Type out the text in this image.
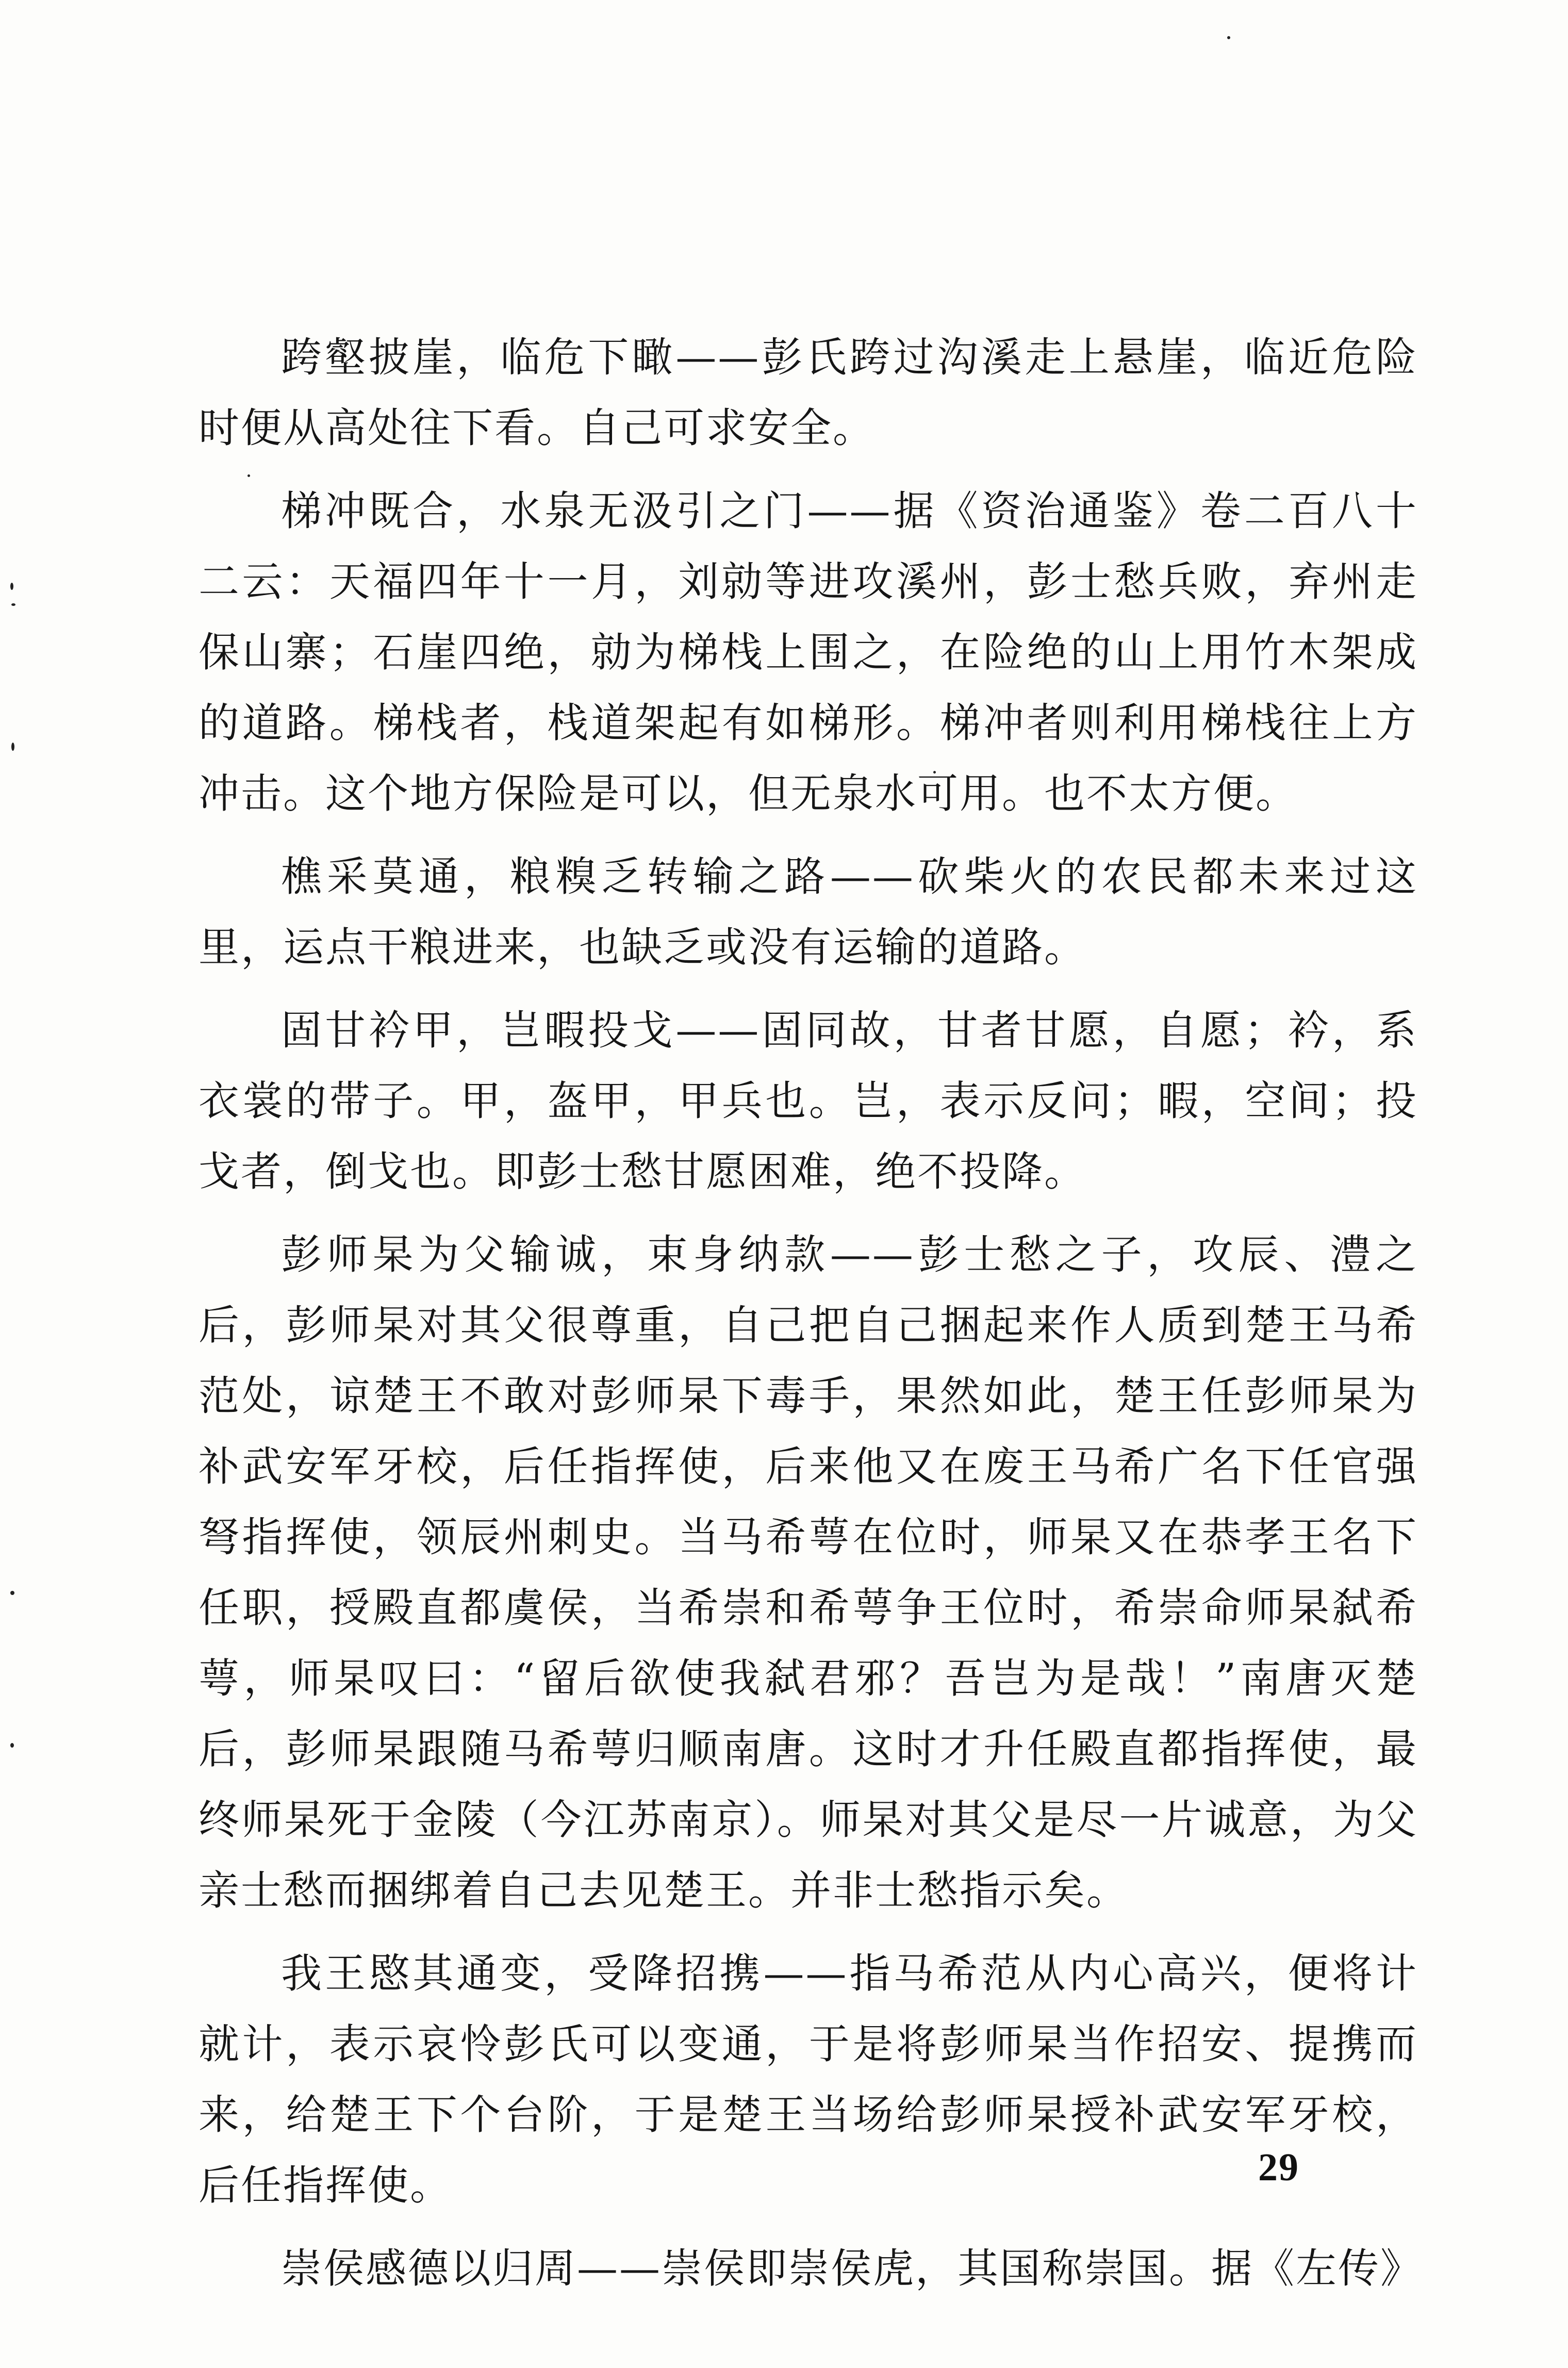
跨壑披崖，临危下瞰——彭氏跨过沟溪走上悬崖，临近危险时便从高处往下看。自己可求安全。

梯冲既合，水泉无汲引之门——据《资治通鉴》卷二百八十二云：天福四年十一月，刘勍等进攻溪州，彭士愁兵败，弃州走保山寨；石崖四绝，勍为梯栈上围之，在险绝的山上用竹木架成的道路。梯栈者，栈道架起有如梯形。梯冲者则利用梯栈往上方冲击。这个地方保险是可以，但无泉水可用。也不太方便。

樵采莫通，粮糗乏转输之路——砍柴火的农民都未来过这里，运点干粮进来，也缺乏或没有运输的道路。

固甘衿甲，岂暇投戈——固同故，甘者甘愿，自愿；衿，系衣裳的带子。甲，盔甲，甲兵也。岂，表示反问；暇，空间；投戈者，倒戈也。即彭士愁甘愿困难，绝不投降。

彭师杲为父输诚，束身纳款——彭士愁之子，攻辰、澧之后，彭师杲对其父很尊重，自己把自己捆起来作人质到楚王马希范处，谅楚王不敢对彭师杲下毒手，果然如此，楚王任彭师杲为补武安军牙校，后任指挥使，后来他又在废王马希广名下任官强弩指挥使，领辰州刺史。当马希萼在位时，师杲又在恭孝王名下任职，授殿直都虞侯，当希崇和希萼争王位时，希崇命师杲弑希萼，师杲叹曰：“留后欲使我弑君邪？吾岂为是哉！”南唐灭楚后，彭师杲跟随马希萼归顺南唐。这时才升任殿直都指挥使，最终师杲死于金陵（今江苏南京）。师杲对其父是尽一片诚意，为父亲士愁而捆绑着自己去见楚王。并非士愁指示矣。

我王愍其通变，受降招携——指马希范从内心高兴，便将计就计，表示哀怜彭氏可以变通，于是将彭师杲当作招安、提携而来，给楚王下个台阶，于是楚王当场给彭师杲授补武安军牙校，后任指挥使。

崇侯感德以归周——崇侯即崇侯虎，其国称崇国。据《左传》

29
